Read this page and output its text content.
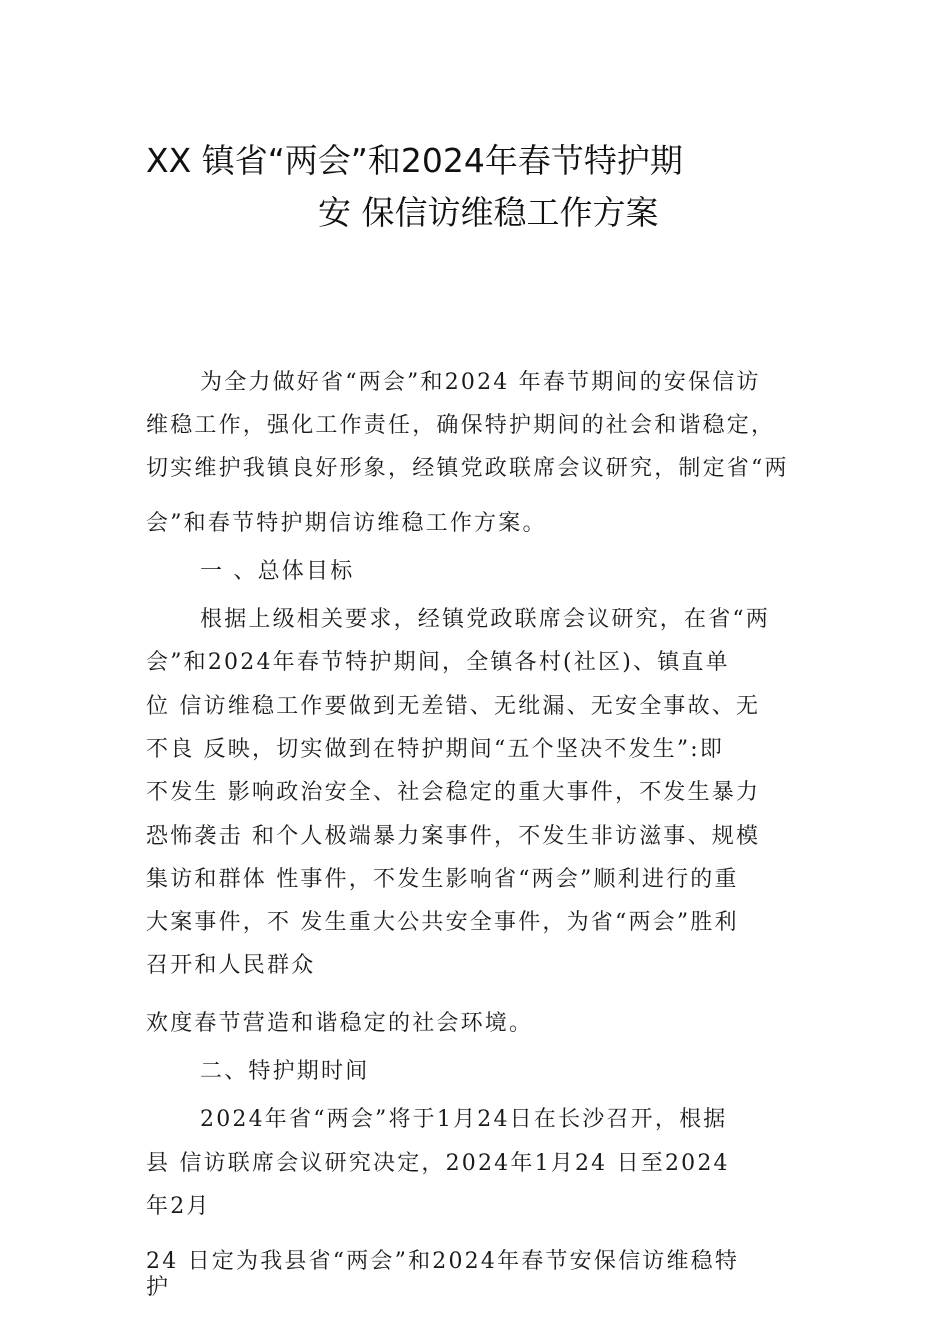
XX 镇省“两会”和2024年春节特护期
安 保信访维稳工作方案
为全力做好省“两会”和2024 年春节期间的安保信访
维稳工作，强化工作责任，确保特护期间的社会和谐稳定，
切实维护我镇良好形象，经镇党政联席会议研究，制定省“两
会”和春节特护期信访维稳工作方案。
一 、总体目标
根据上级相关要求，经镇党政联席会议研究，在省“两
会”和2024年春节特护期间，全镇各村(社区)、镇直单
位 信访维稳工作要做到无差错、无纰漏、无安全事故、无
不良 反映，切实做到在特护期间“五个坚决不发生”:即
不发生 影响政治安全、社会稳定的重大事件，不发生暴力
恐怖袭击 和个人极端暴力案事件，不发生非访滋事、规模
集访和群体 性事件，不发生影响省“两会”顺利进行的重
大案事件，不 发生重大公共安全事件，为省“两会”胜利
召开和人民群众
欢度春节营造和谐稳定的社会环境。
二、特护期时间
2024年省“两会”将于1月24日在长沙召开，根据
县 信访联席会议研究决定，2024年1月24 日至2024
年2月
24 日定为我县省“两会”和2024年春节安保信访维稳特
护
